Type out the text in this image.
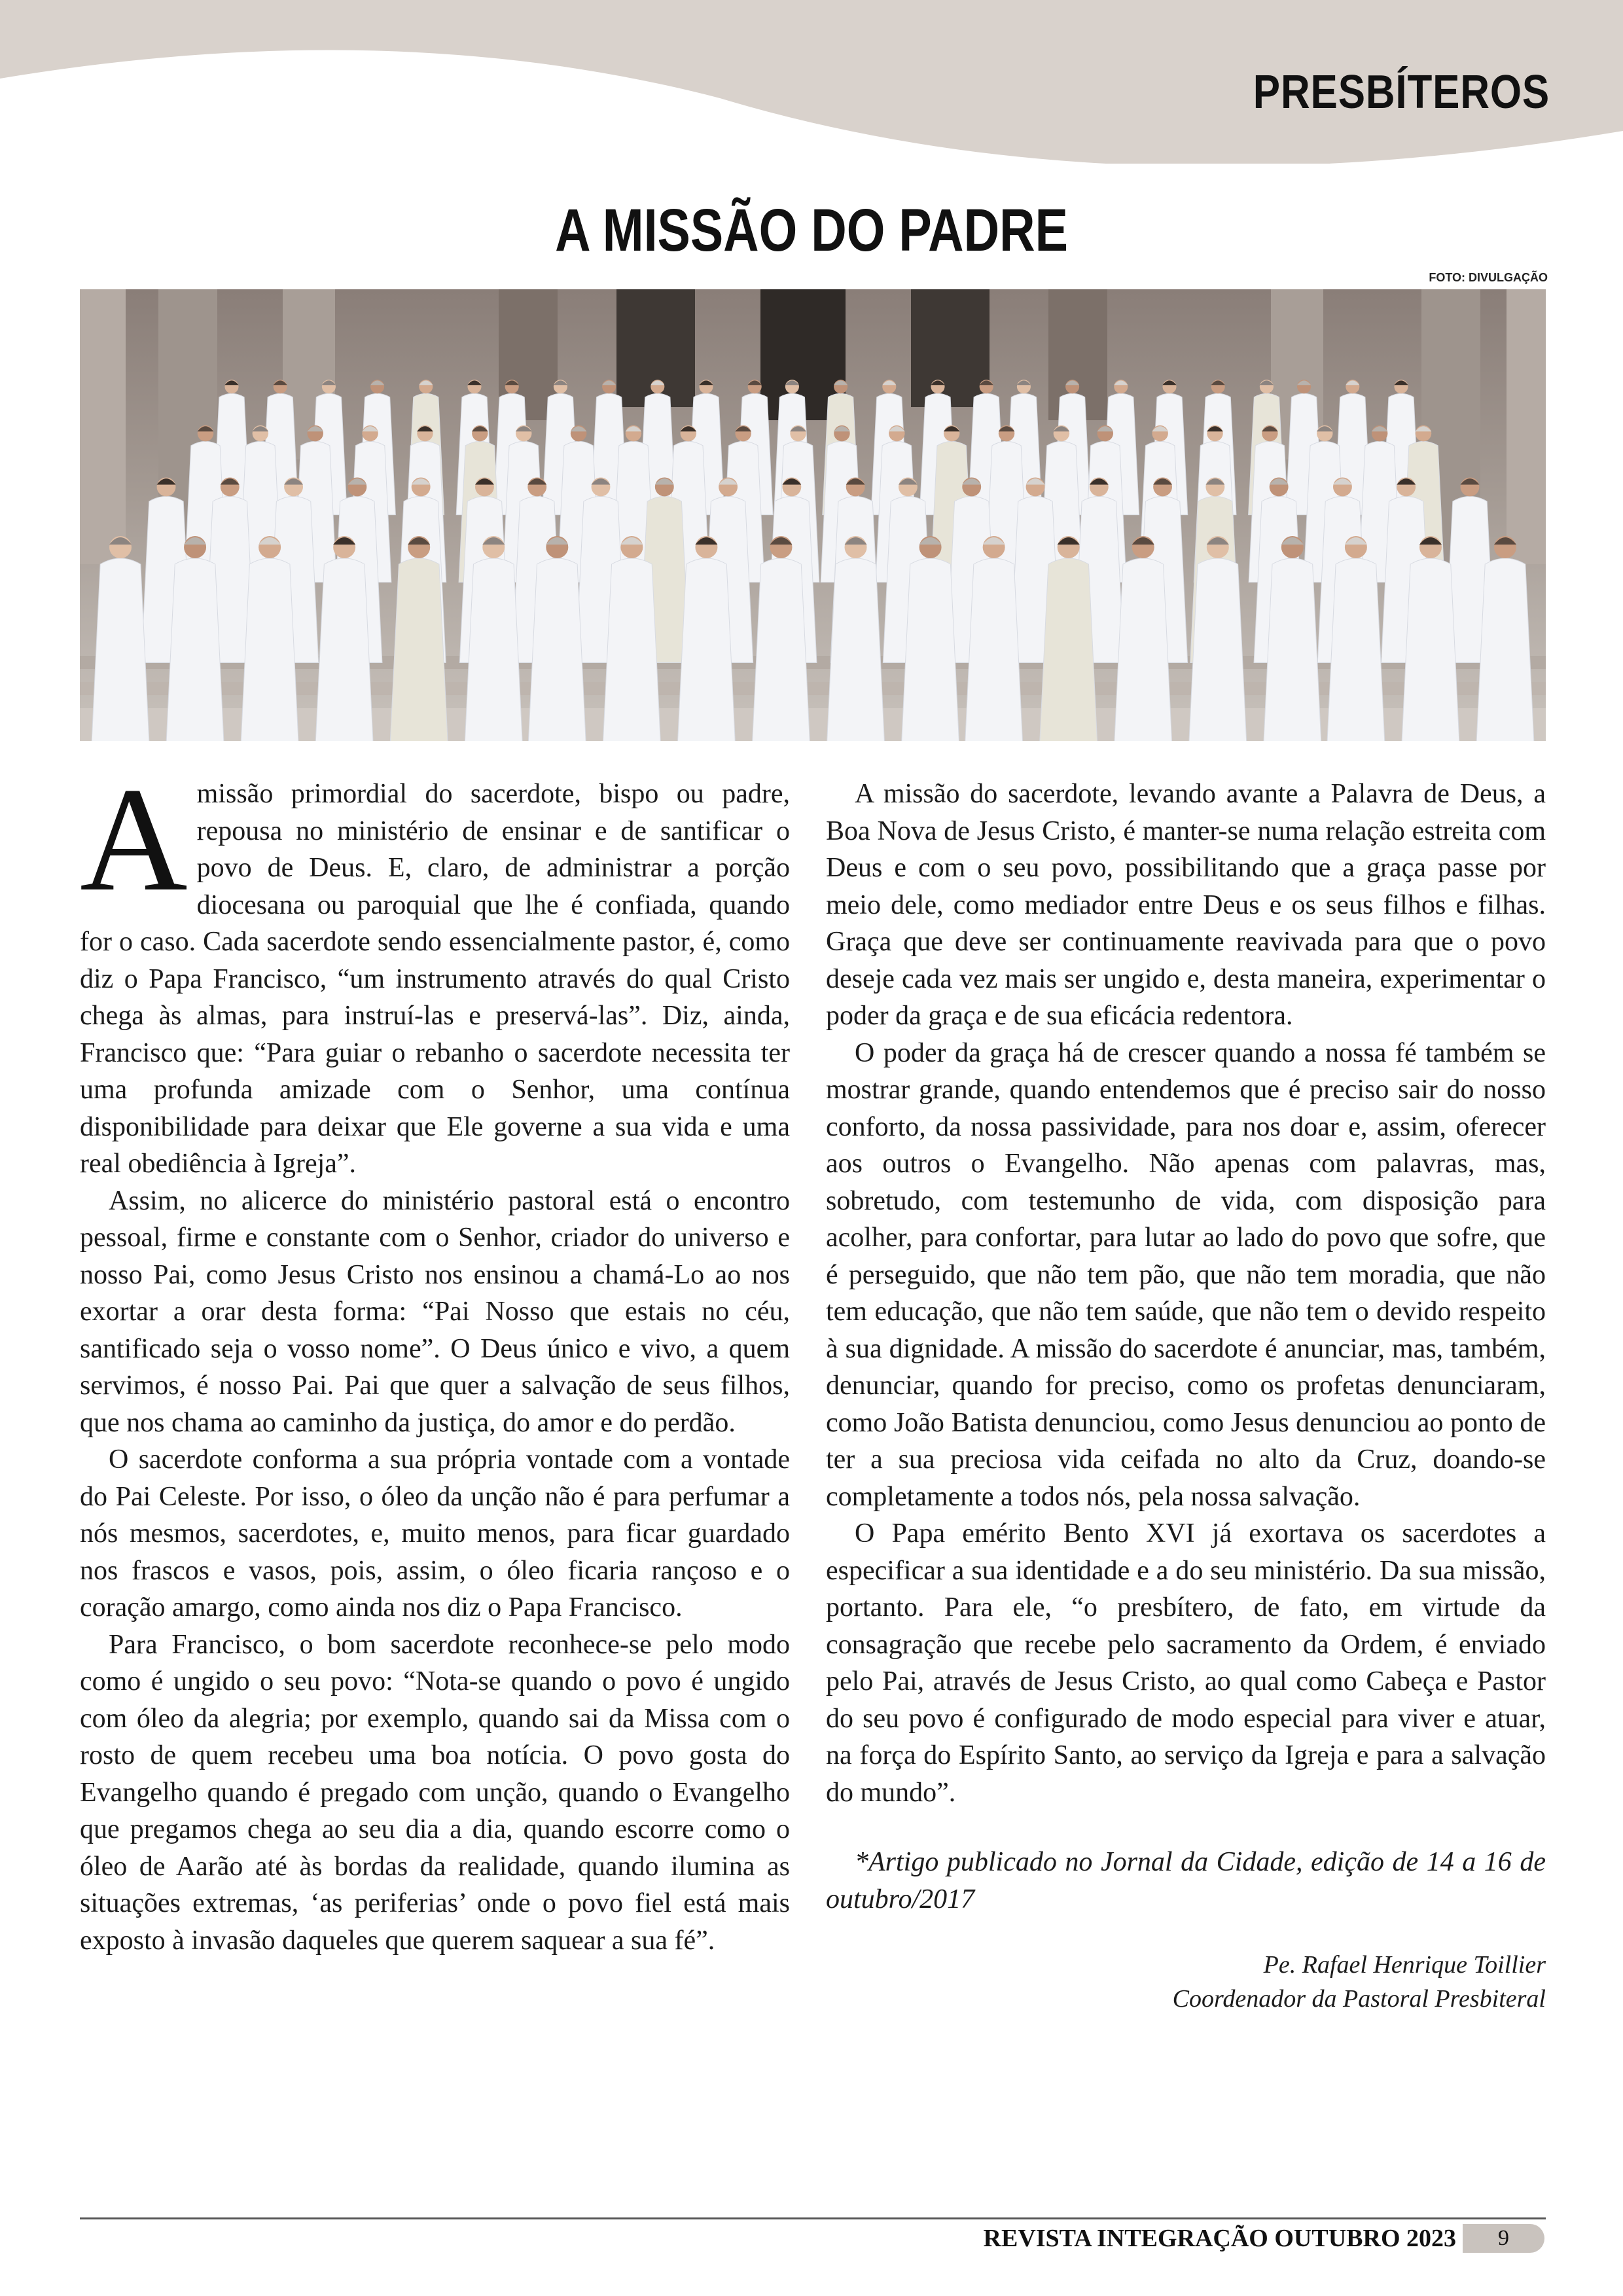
PRESBÍTEROS
A MISSÃO DO PADRE
FOTO: DIVULGAÇÃO

Amissão primordial do sacerdote, bispo ou padre, repousa no ministério de ensinar e de santificar o povo de Deus. E, claro, de administrar a porção diocesana ou paroquial que lhe é confiada, quando for o caso. Cada sacerdote sendo essencialmente pastor, é, como diz o Papa Francisco, “um instrumento através do qual Cristo chega às almas, para instruí-las e preservá-las”. Diz, ainda, Francisco que: “Para guiar o rebanho o sacerdote necessita ter uma profunda amizade com o Senhor, uma contínua disponibilidade para deixar que Ele governe a sua vida e uma real obediência à Igreja”.

Assim, no alicerce do ministério pastoral está o encontro pessoal, firme e constante com o Senhor, criador do universo e nosso Pai, como Jesus Cristo nos ensinou a chamá-Lo ao nos exortar a orar desta forma: “Pai Nosso que estais no céu, santificado seja o vosso nome”. O Deus único e vivo, a quem servimos, é nosso Pai. Pai que quer a salvação de seus filhos, que nos chama ao caminho da justiça, do amor e do perdão.

O sacerdote conforma a sua própria vontade com a vontade do Pai Celeste. Por isso, o óleo da unção não é para perfumar a nós mesmos, sacerdotes, e, muito menos, para ficar guardado nos frascos e vasos, pois, assim, o óleo ficaria rançoso e o coração amargo, como ainda nos diz o Papa Francisco.

Para Francisco, o bom sacerdote reconhece-se pelo modo como é ungido o seu povo: “Nota-se quando o povo é ungido com óleo da alegria; por exemplo, quando sai da Missa com o rosto de quem recebeu uma boa notícia. O povo gosta do Evangelho quando é pregado com unção, quando o Evangelho que pregamos chega ao seu dia a dia, quando escorre como o óleo de Aarão até às bordas da realidade, quando ilumina as situações extremas, ‘as periferias’ onde o povo fiel está mais exposto à invasão daqueles que querem saquear a sua fé”.

A missão do sacerdote, levando avante a Palavra de Deus, a Boa Nova de Jesus Cristo, é manter-se numa relação estreita com Deus e com o seu povo, possibilitando que a graça passe por meio dele, como mediador entre Deus e os seus filhos e filhas. Graça que deve ser continuamente reavivada para que o povo deseje cada vez mais ser ungido e, desta maneira, experimentar o poder da graça e de sua eficácia redentora.

O poder da graça há de crescer quando a nossa fé também se mostrar grande, quando entendemos que é preciso sair do nosso conforto, da nossa passividade, para nos doar e, assim, oferecer aos outros o Evangelho. Não apenas com palavras, mas, sobretudo, com testemunho de vida, com disposição para acolher, para confortar, para lutar ao lado do povo que sofre, que é perseguido, que não tem pão, que não tem moradia, que não tem educação, que não tem saúde, que não tem o devido respeito à sua dignidade. A missão do sacerdote é anunciar, mas, também, denunciar, quando for preciso, como os profetas denunciaram, como João Batista denunciou, como Jesus denunciou ao ponto de ter a sua preciosa vida ceifada no alto da Cruz, doando-se completamente a todos nós, pela nossa salvação.

O Papa emérito Bento XVI já exortava os sacerdotes a especificar a sua identidade e a do seu ministério. Da sua missão, portanto. Para ele, “o presbítero, de fato, em virtude da consagração que recebe pelo sacramento da Ordem, é enviado pelo Pai, através de Jesus Cristo, ao qual como Cabeça e Pastor do seu povo é configurado de modo especial para viver e atuar, na força do Espírito Santo, ao serviço da Igreja e para a salvação do mundo”.

*Artigo publicado no Jornal da Cidade, edição de 14 a 16 de outubro/2017

Pe. Rafael Henrique Toillier

Coordenador da Pastoral Presbiteral

REVISTA INTEGRAÇÃO OUTUBRO 2023	9
